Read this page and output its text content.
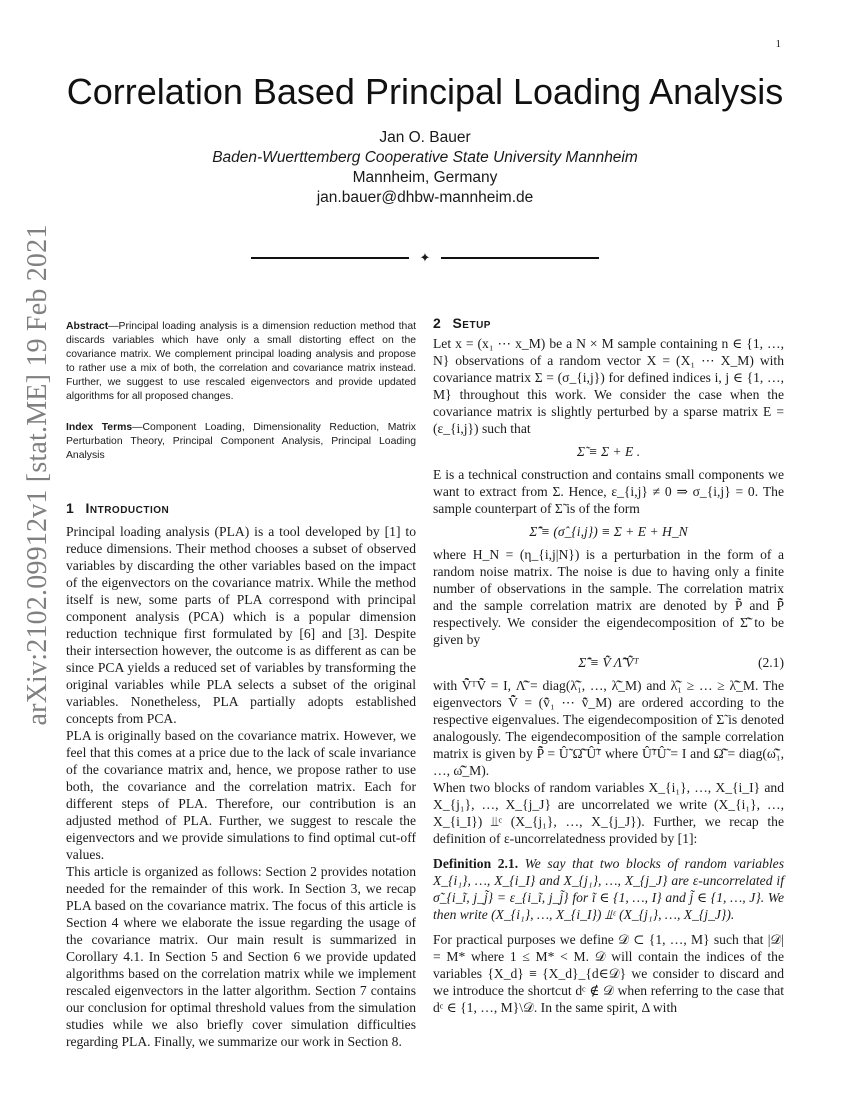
1
arXiv:2102.09912v1 [stat.ME] 19 Feb 2021
Correlation Based Principal Loading Analysis
Jan O. Bauer
Baden-Wuerttemberg Cooperative State University Mannheim
Mannheim, Germany
jan.bauer@dhbw-mannheim.de
✦
Abstract—Principal loading analysis is a dimension reduction method that discards variables which have only a small distorting effect on the covariance matrix. We complement principal loading analysis and propose to rather use a mix of both, the correlation and covariance matrix instead. Further, we suggest to use rescaled eigenvectors and provide updated algorithms for all proposed changes.
Index Terms—Component Loading, Dimensionality Reduction, Matrix Perturbation Theory, Principal Component Analysis, Principal Loading Analysis
1 Introduction

Principal loading analysis (PLA) is a tool developed by [1] to reduce dimensions. Their method chooses a subset of observed variables by discarding the other variables based on the impact of the eigenvectors on the covariance matrix. While the method itself is new, some parts of PLA correspond with principal component analysis (PCA) which is a popular dimension reduction technique first formulated by [6] and [3]. Despite their intersection however, the outcome is as different as can be since PCA yields a reduced set of variables by transforming the original variables while PLA selects a subset of the original variables. Nonetheless, PLA partially adopts established concepts from PCA.

PLA is originally based on the covariance matrix. However, we feel that this comes at a price due to the lack of scale invariance of the covariance matrix and, hence, we propose rather to use both, the covariance and the correlation matrix. Each for different steps of PLA. Therefore, our contribution is an adjusted method of PLA. Further, we suggest to rescale the eigenvectors and we provide simulations to find optimal cut-off values.

This article is organized as follows: Section 2 provides notation needed for the remainder of this work. In Section 3, we recap PLA based on the covariance matrix. The focus of this article is Section 4 where we elaborate the issue regarding the usage of the covariance matrix. Our main result is summarized in Corollary 4.1. In Section 5 and Section 6 we provide updated algorithms based on the correlation matrix while we implement rescaled eigenvectors in the latter algorithm. Section 7 contains our conclusion for optimal threshold values from the simulation studies while we also briefly cover simulation difficulties regarding PLA. Finally, we summarize our work in Section 8.

2 Setup

Let x = (x₁ ⋯ x_M) be a N × M sample containing n ∈ {1, …, N} observations of a random vector X = (X₁ ⋯ X_M) with covariance matrix Σ = (σ_{i,j}) for defined indices i, j ∈ {1, …, M} throughout this work. We consider the case when the covariance matrix is slightly perturbed by a sparse matrix E = (ε_{i,j}) such that

Σ̃ ≡ Σ + E .

E is a technical construction and contains small components we want to extract from Σ. Hence, ε_{i,j} ≠ 0 ⇒ σ_{i,j} = 0. The sample counterpart of Σ̃ is of the form

Σ̂̃ ≡ (σ̂_{i,j}) ≡ Σ + E + H_N

where H_N = (η_{i,j|N}) is a perturbation in the form of a random noise matrix. The noise is due to having only a finite number of observations in the sample. The correlation matrix and the sample correlation matrix are denoted by P̃ and P̂̃ respectively. We consider the eigendecomposition of Σ̂̃ to be given by

Σ̂̃ ≡ V̂̃ Λ̂̃ V̂̃ᵀ	(2.1)

with V̂̃ᵀV̂̃ = I, Λ̂̃ = diag(λ̂̃₁, …, λ̂̃_M) and λ̂̃₁ ≥ … ≥ λ̂̃_M. The eigenvectors V̂̃ = (v̂̃₁ ⋯ v̂̃_M) are ordered according to the respective eigenvalues. The eigendecomposition of Σ̃ is denoted analogously. The eigendecomposition of the sample correlation matrix is given by P̂̃ = Û̃ Ω̂̃ Û̃ᵀ where Û̃ᵀÛ̃ = I and Ω̂̃ = diag(ω̂̃₁, …, ω̂̃_M).

When two blocks of random variables X_{i₁}, …, X_{i_I} and X_{j₁}, …, X_{j_J} are uncorrelated we write (X_{i₁}, …, X_{i_I}) ⫫ᶜ (X_{j₁}, …, X_{j_J}). Further, we recap the definition of ε-uncorrelatedness provided by [1]:

Definition 2.1. We say that two blocks of random variables X_{i₁}, …, X_{i_I} and X_{j₁}, …, X_{j_J} are ε-uncorrelated if σ̃_{i_ĩ, j_j̃} = ε_{i_ĩ, j_j̃} for ĩ ∈ {1, …, I} and j̃ ∈ {1, …, J}. We then write (X_{i₁}, …, X_{i_I}) ⫫ᵋ (X_{j₁}, …, X_{j_J}).

For practical purposes we define 𝒟 ⊂ {1, …, M} such that |𝒟| = M* where 1 ≤ M* < M. 𝒟 will contain the indices of the variables {X_d} ≡ {X_d}_{d∈𝒟} we consider to discard and we introduce the shortcut dᶜ ∉ 𝒟 when referring to the case that dᶜ ∈ {1, …, M}\𝒟. In the same spirit, Δ with
